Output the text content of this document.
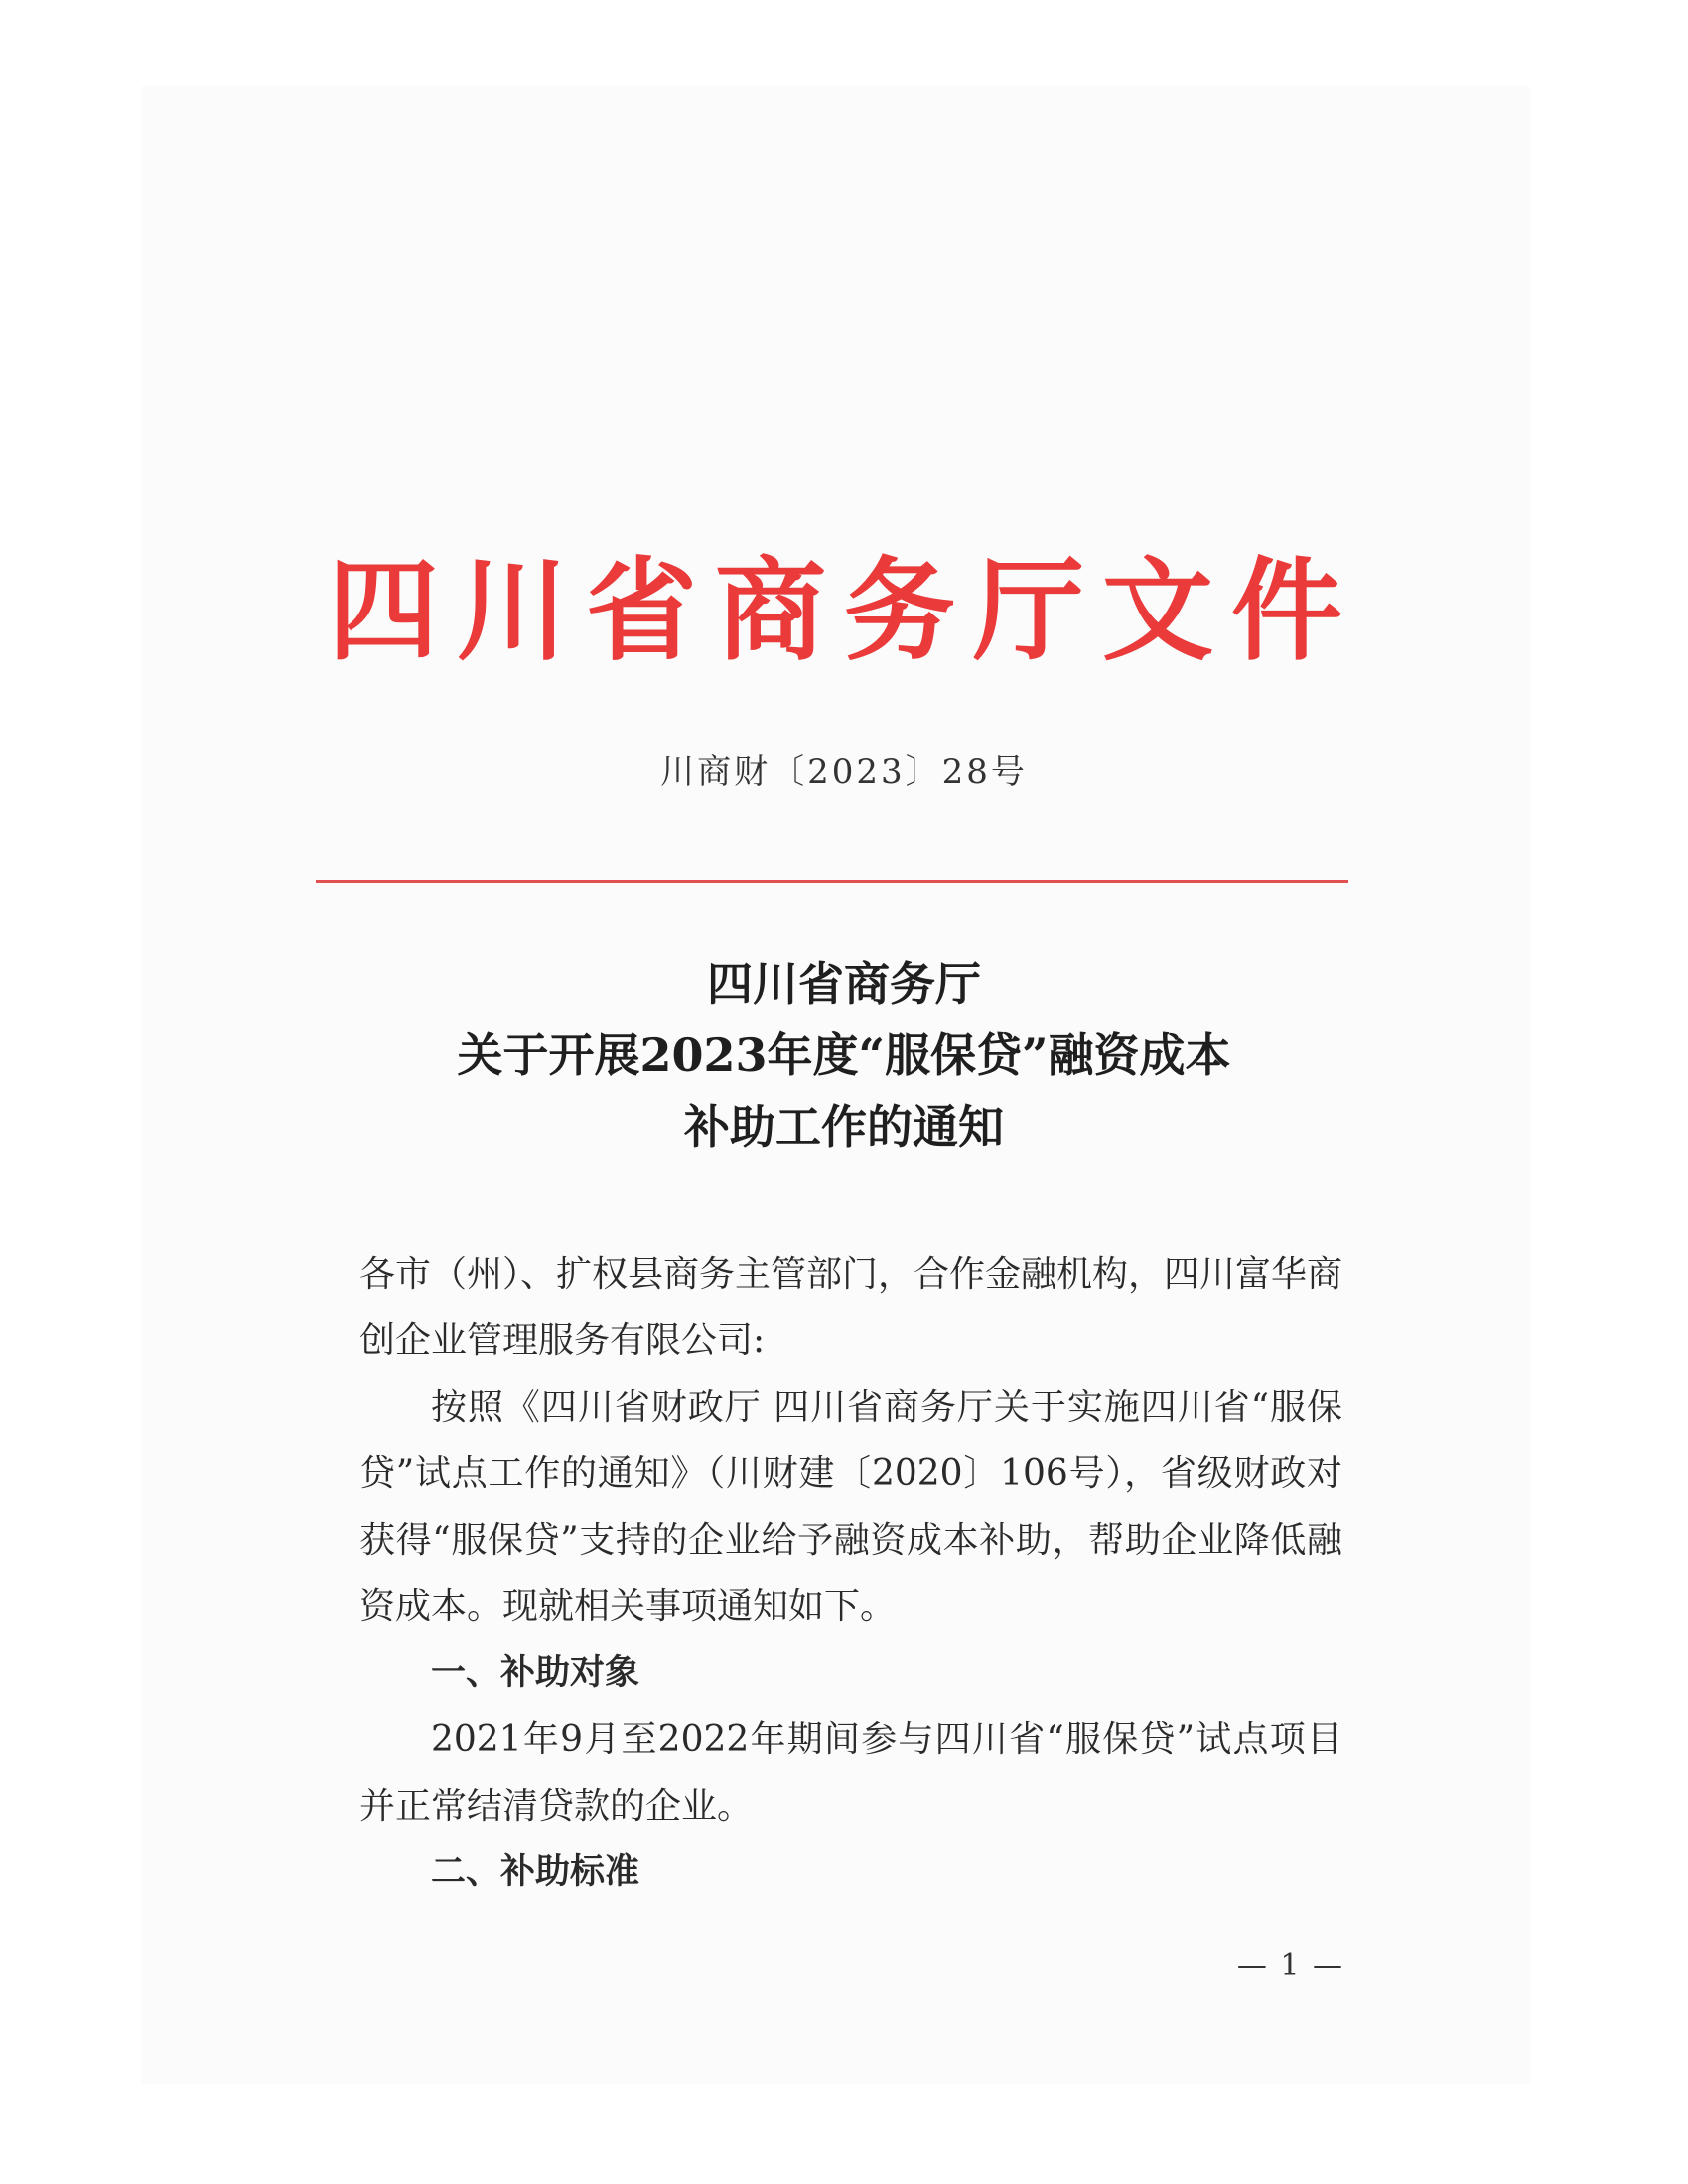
四川省商务厅文件
川商财〔2023〕28号
四川省商务厅
关于开展2023年度“服保贷”融资成本
补助工作的通知

各市（州）、扩权县商务主管部门，合作金融机构，四川富华商创企业管理服务有限公司:

按照《四川省财政厅 四川省商务厅关于实施四川省“服保贷”试点工作的通知》（川财建〔2020〕106号），省级财政对获得“服保贷”支持的企业给予融资成本补助，帮助企业降低融资成本。现就相关事项通知如下。

一、补助对象

2021年9月至2022年期间参与四川省“服保贷”试点项目并正常结清贷款的企业。

二、补助标准

— 1 —
